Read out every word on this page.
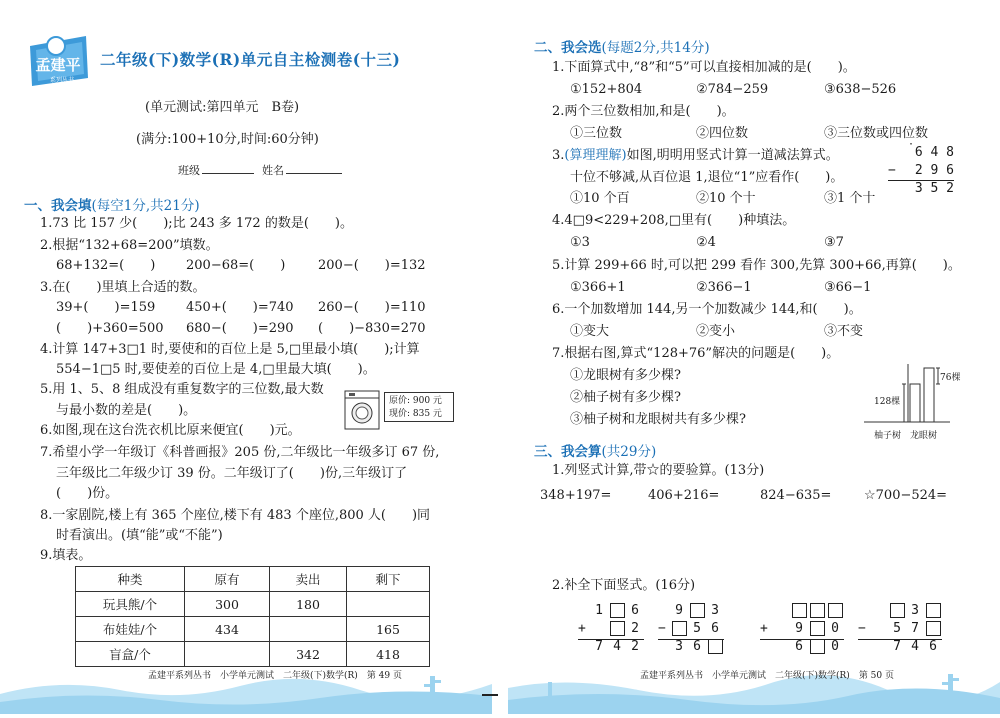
孟建平
系列丛书
二年级(下)数学(R)单元自主检测卷(十三)
(单元测试:第四单元　B卷)
(满分:100+10分,时间:60分钟)
班级	姓名
一、我会填(每空1分,共21分)
1.73 比 157 少(　　);比 243 多 172 的数是(　　)。
2.根据“132+68=200”填数。
68+132=(　　) 200−68=(　　)	200−(　　)=132
3.在(　　)里填上合适的数。
39+(　　)=159 450+(　　)=740 260−(　　)=110
(　　)+360=500 680−(　　)=290 (　　)−830=270
4.计算 147+3□1 时,要使和的百位上是 5,□里最小填(　　);计算
554−1□5 时,要使差的百位上是 4,□里最大填(　　)。
5.用 1、5、8 组成没有重复数字的三位数,最大数
与最小数的差是(　　)。
原价: 900 元
现价: 835 元
6.如图,现在这台洗衣机比原来便宜(　　)元。
7.希望小学一年级订《科普画报》205 份,二年级比一年级多订 67 份,
三年级比二年级少订 39 份。二年级订了(　　)份,三年级订了
(　　)份。
8.一家剧院,楼上有 365 个座位,楼下有 483 个座位,800 人(　　)同
时看演出。(填“能”或“不能”)
9.填表。
种类	原有	卖出	剩下
玩具熊/个	300	180	
布娃娃/个	434		165
盲盒/个		342	418
孟建平系列丛书　小学单元测试　二年级(下)数学(R)　第 49 页
二、我会选(每题2分,共14分)
1.下面算式中,“8”和“5”可以直接相加减的是(　　)。
①152+804	②784−259	③638−526
2.两个三位数相加,和是(　　)。
①三位数	②四位数	③三位数或四位数
3.(算理理解)如图,明明用竖式计算一道减法算式。
十位不够减,从百位退 1,退位“1”应看作(　　)。
①10 个百	②10 个十	③1 个十
·
6 4 8
− 2 9 6
3 5 2
4.4□9<229+208,□里有(　　)种填法。
①3	②4	③7
5.计算 299+66 时,可以把 299 看作 300,先算 300+66,再算(　　)。
①366+1	②366−1	③66−1
6.一个加数增加 144,另一个加数减少 144,和(　　)。
①变大	②变小	③不变
7.根据右图,算式“128+76”解决的问题是(　　)。
①龙眼树有多少棵?
②柚子树有多少棵?
③柚子树和龙眼树共有多少棵?
76棵
128棵
柚子树　龙眼树
三、我会算(共29分)
1.列竖式计算,带☆的要验算。(13分)
348+197=	406+216=	824−635=	☆700−524=
2.补全下面竖式。(16分)
1 6
+	2
7 4 2
9 3
− 5 6
3 6
+ 9 0
6 0
3
− 5 7
7 4 6
孟建平系列丛书　小学单元测试　二年级(下)数学(R)　第 50 页
